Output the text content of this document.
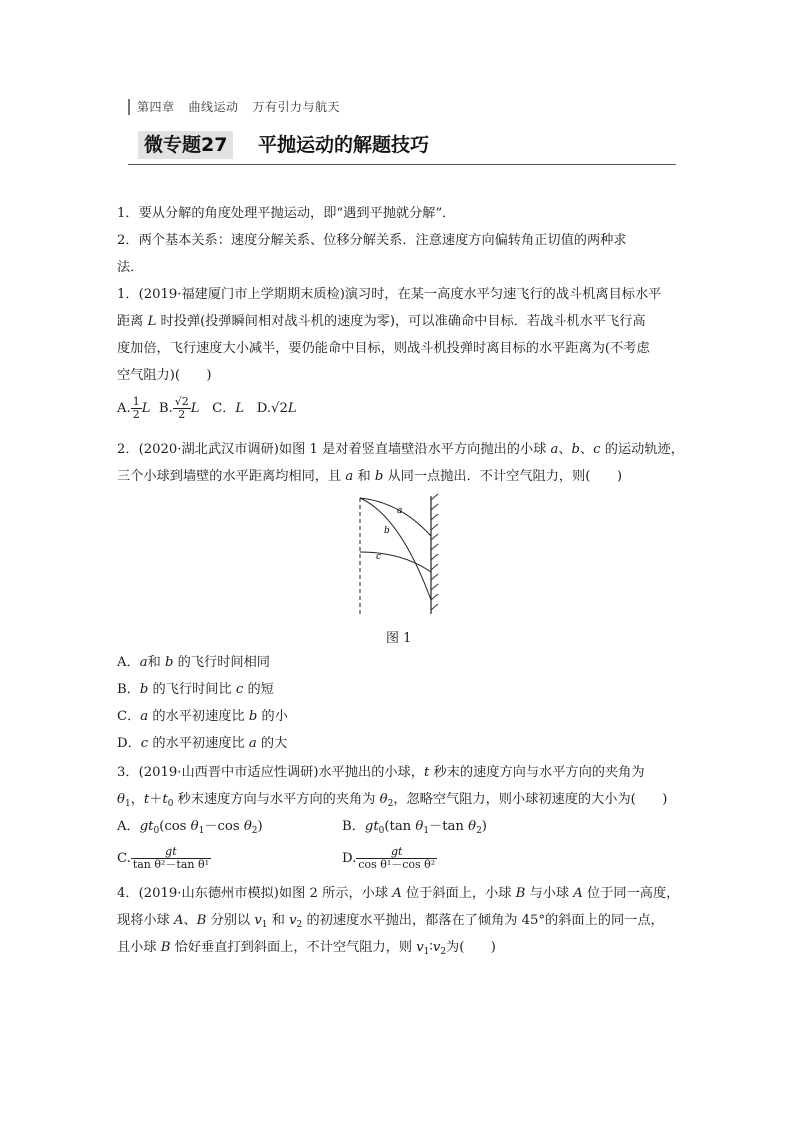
第四章 曲线运动 万有引力与航天
微专题27	平抛运动的解题技巧
1．要从分解的角度处理平抛运动，即“遇到平抛就分解”．
2．两个基本关系：速度分解关系、位移分解关系．注意速度方向偏转角正切值的两种求
法．
1．(2019·福建厦门市上学期期末质检)演习时，在某一高度水平匀速飞行的战斗机离目标水平
距离 L 时投弹(投弹瞬间相对战斗机的速度为零)，可以准确命中目标．若战斗机水平飞行高
度加倍，飞行速度大小减半，要仍能命中目标，则战斗机投弹时离目标的水平距离为(不考虑
空气阻力)(　　)
A. $\frac{1}{2}$ L B. $\frac{√2}{2}$ L C．L D.√2L
2．(2020·湖北武汉市调研)如图 1 是对着竖直墙壁沿水平方向抛出的小球 a、b、c 的运动轨迹，
三个小球到墙壁的水平距离均相同，且 a 和 b 从同一点抛出．不计空气阻力，则(　　)
a
b
c
图 1
A．a和 b 的飞行时间相同
B．b 的飞行时间比 c 的短
C．a 的水平初速度比 b 的小
D．c 的水平初速度比 a 的大
3．(2019·山西晋中市适应性调研)水平抛出的小球，t 秒末的速度方向与水平方向的夹角为
$\theta_1$，$t+t_0$ 秒末速度方向与水平方向的夹角为 $\theta_2$，忽略空气阻力，则小球初速度的大小为(　　)
A．$gt_0(\cos$ $\theta_1-\cos$ $\theta_2$)	B．$gt_0(\tan$ $\theta_1-\tan$ $\theta_2$)
C. $\frac{gt}{\text{tan θ²－tan θ¹}}$	D. $\frac{gt}{\text{cos θ¹－cos θ²}}$
4．(2019·山东德州市模拟)如图 2 所示，小球 A 位于斜面上，小球 B 与小球 A 位于同一高度，
现将小球 A、B 分别以 $v_1$ 和 $v_2$ 的初速度水平抛出，都落在了倾角为 45°的斜面上的同一点，
且小球 B 恰好垂直打到斜面上，不计空气阻力，则 $v_1∶v_2$为(　　)
